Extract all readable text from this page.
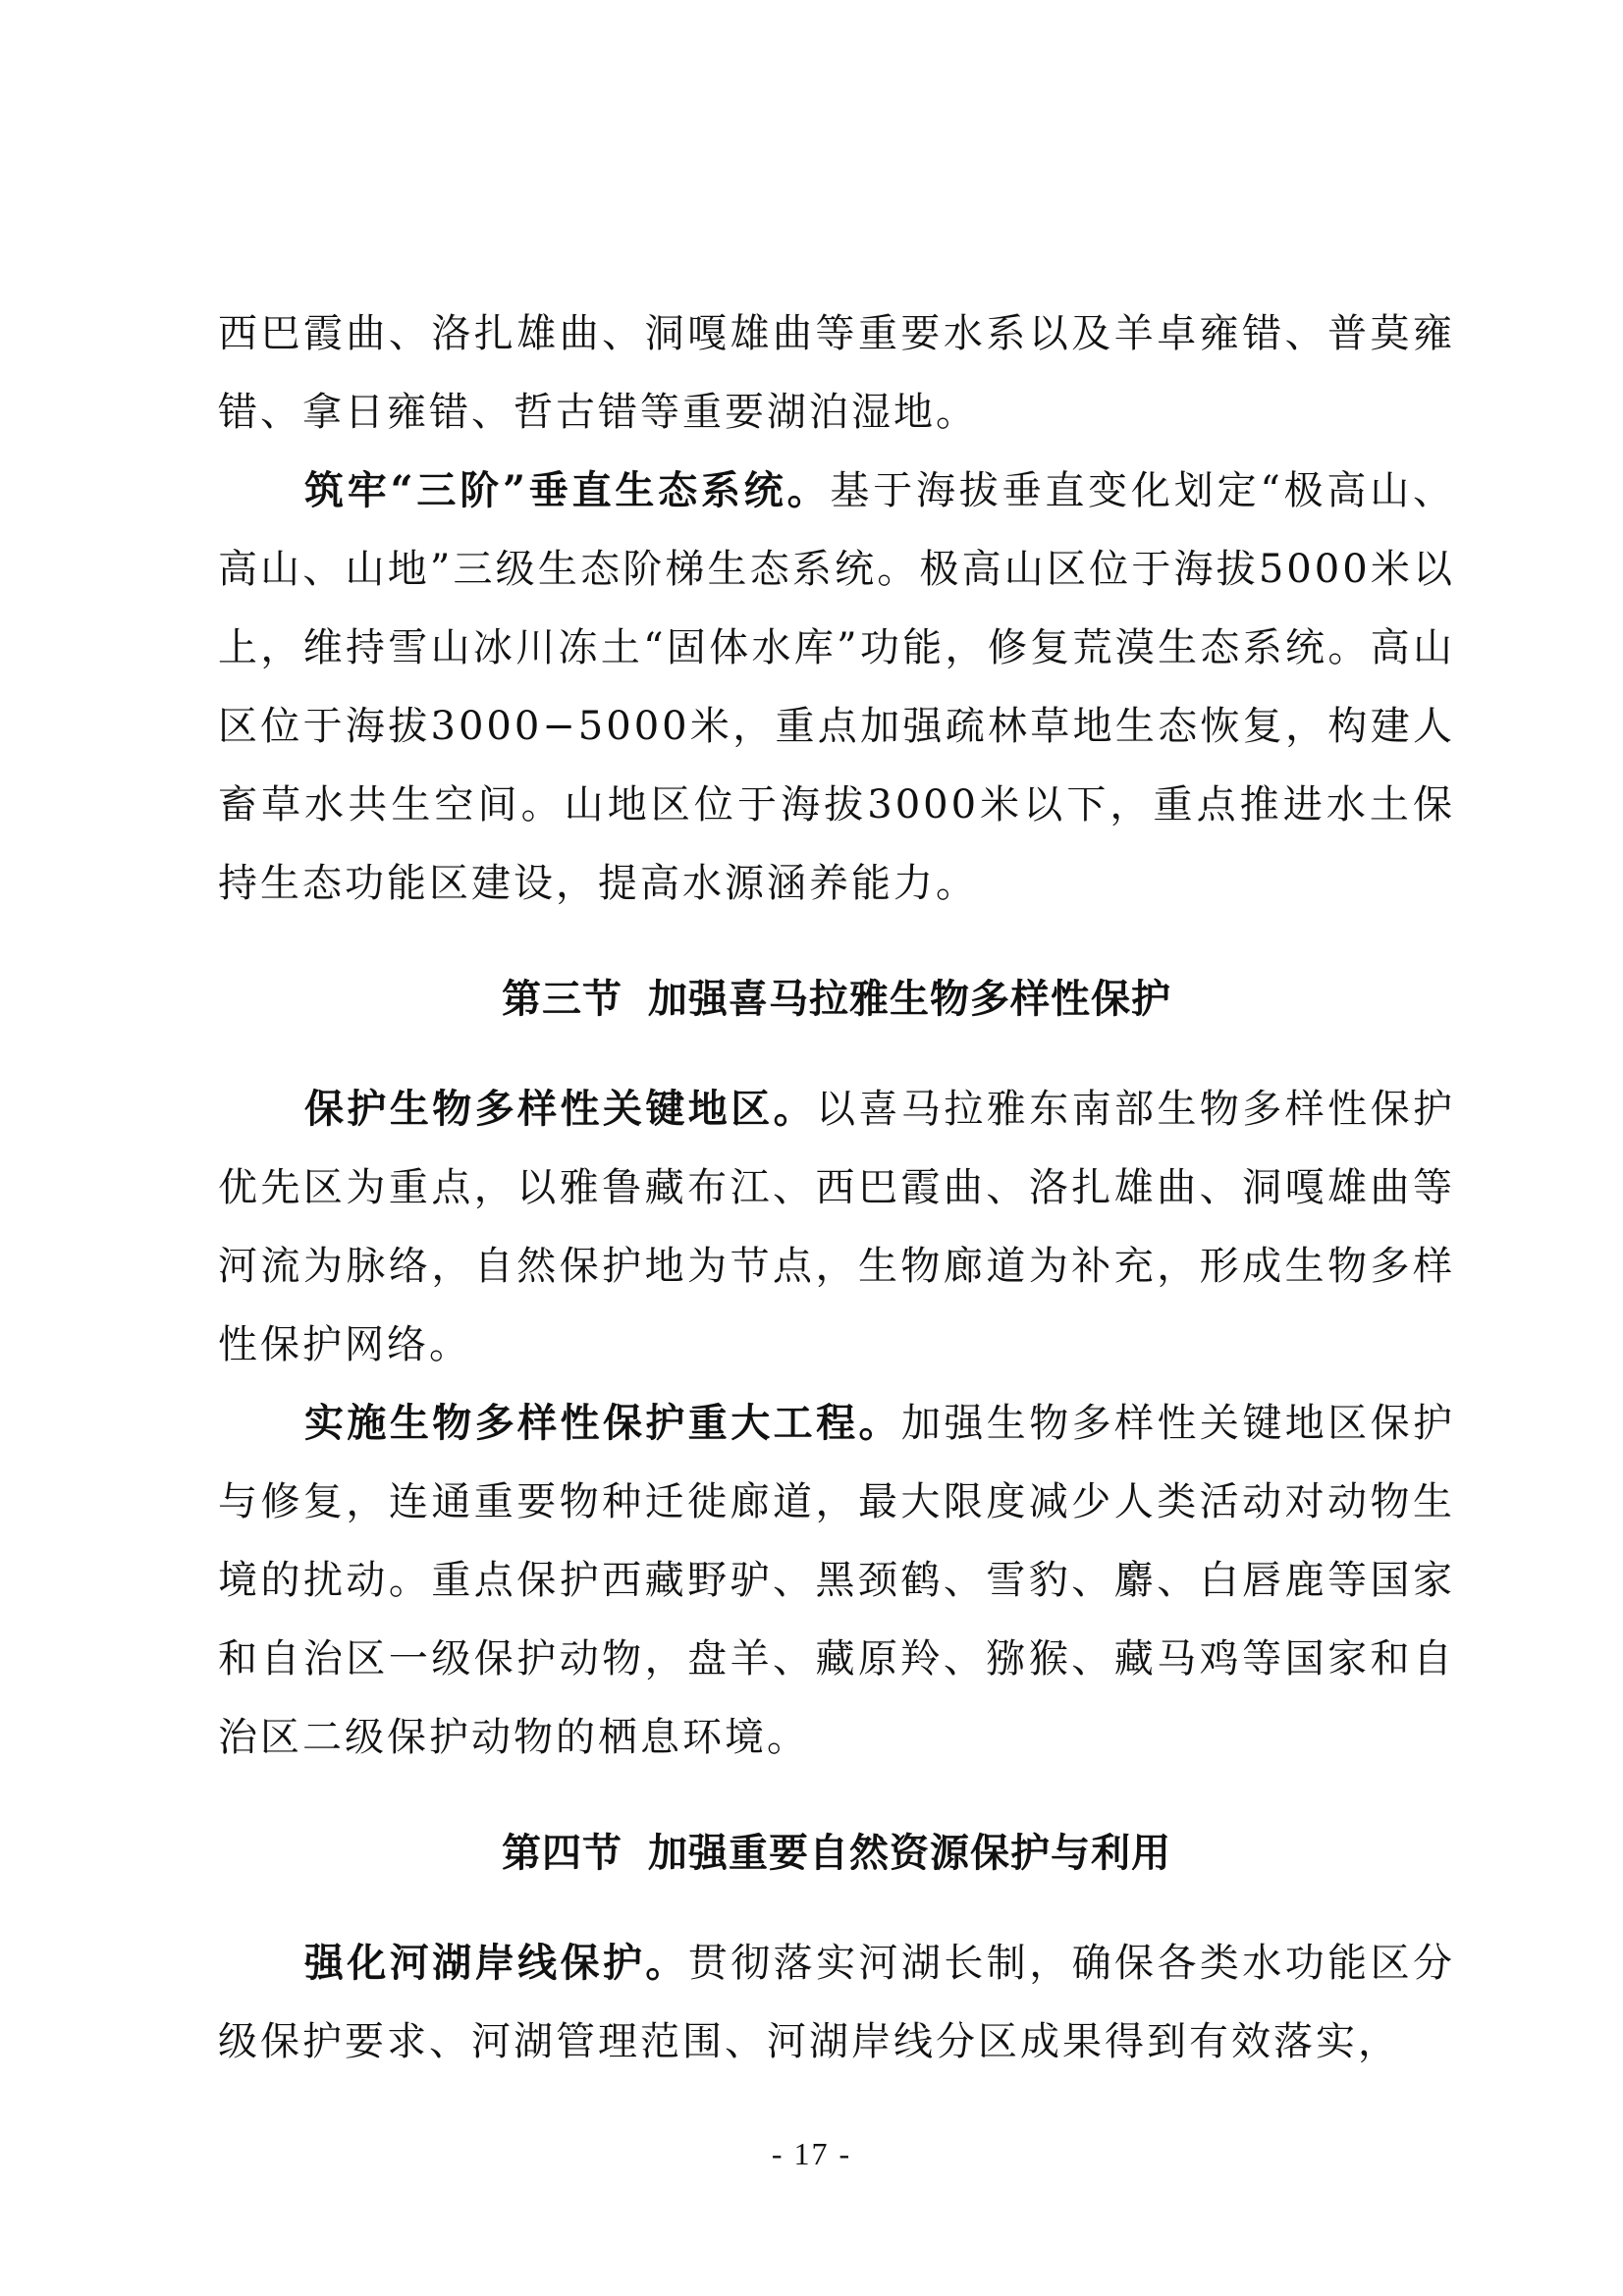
西巴霞曲、洛扎雄曲、洞嘎雄曲等重要水系以及羊卓雍错、普莫雍错、拿日雍错、哲古错等重要湖泊湿地。

筑牢“三阶”垂直生态系统。基于海拔垂直变化划定“极高山、高山、山地”三级生态阶梯生态系统。极高山区位于海拔5000米以上，维持雪山冰川冻土“固体水库”功能，修复荒漠生态系统。高山区位于海拔3000−5000米，重点加强疏林草地生态恢复，构建人畜草水共生空间。山地区位于海拔3000米以下，重点推进水土保持生态功能区建设，提高水源涵养能力。

第三节 加强喜马拉雅生物多样性保护

保护生物多样性关键地区。以喜马拉雅东南部生物多样性保护优先区为重点，以雅鲁藏布江、西巴霞曲、洛扎雄曲、洞嘎雄曲等河流为脉络，自然保护地为节点，生物廊道为补充，形成生物多样性保护网络。

实施生物多样性保护重大工程。加强生物多样性关键地区保护与修复，连通重要物种迁徙廊道，最大限度减少人类活动对动物生境的扰动。重点保护西藏野驴、黑颈鹤、雪豹、麝、白唇鹿等国家和自治区一级保护动物，盘羊、藏原羚、猕猴、藏马鸡等国家和自治区二级保护动物的栖息环境。

第四节 加强重要自然资源保护与利用

强化河湖岸线保护。贯彻落实河湖长制，确保各类水功能区分级保护要求、河湖管理范围、河湖岸线分区成果得到有效落实，

- 17 -
